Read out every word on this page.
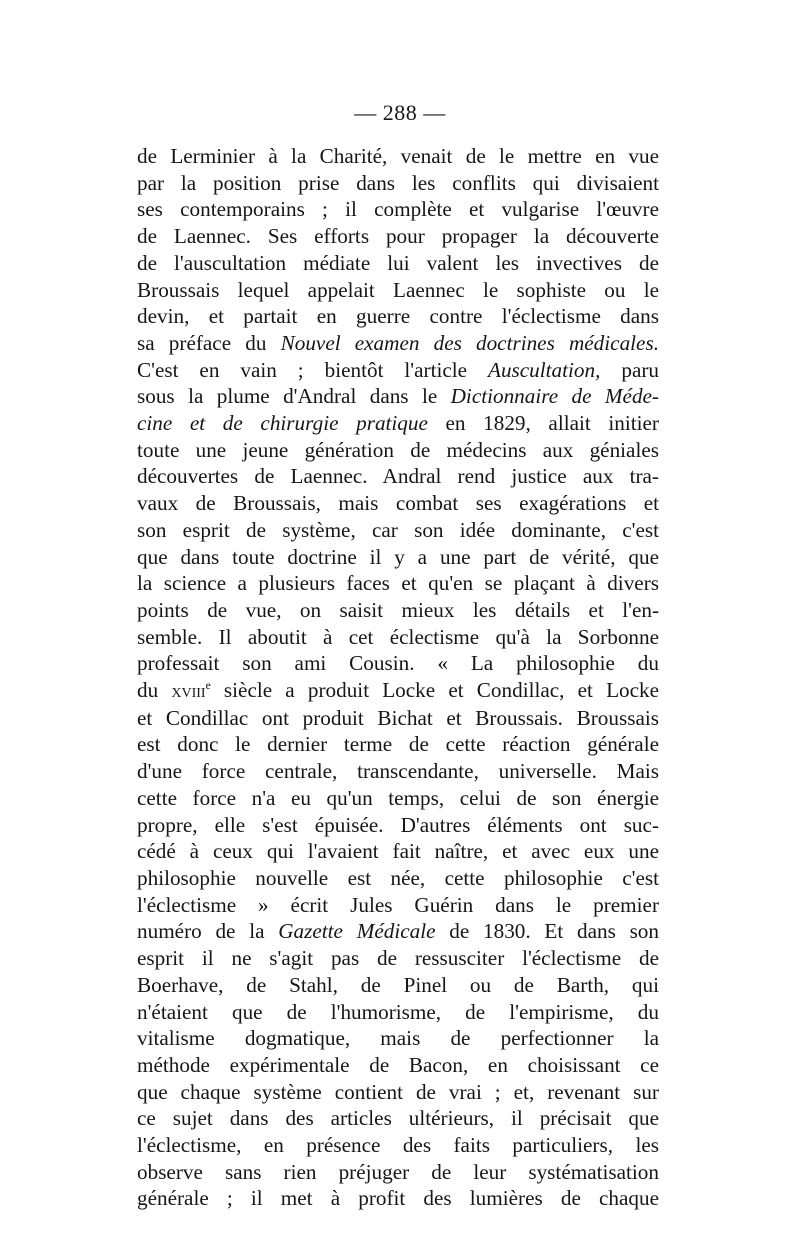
— 288 —
de Lerminier à la Charité, venait de le mettre en vue
par la position prise dans les conflits qui divisaient
ses contemporains ; il complète et vulgarise l'œuvre
de Laennec. Ses efforts pour propager la découverte
de l'auscultation médiate lui valent les invectives de
Broussais lequel appelait Laennec le sophiste ou le
devin, et partait en guerre contre l'éclectisme dans
sa préface du Nouvel examen des doctrines médicales.
C'est en vain ; bientôt l'article Auscultation, paru
sous la plume d'Andral dans le Dictionnaire de Méde-
cine et de chirurgie pratique en 1829, allait initier
toute une jeune génération de médecins aux géniales
découvertes de Laennec. Andral rend justice aux tra-
vaux de Broussais, mais combat ses exagérations et
son esprit de système, car son idée dominante, c'est
que dans toute doctrine il y a une part de vérité, que
la science a plusieurs faces et qu'en se plaçant à divers
points de vue, on saisit mieux les détails et l'en-
semble. Il aboutit à cet éclectisme qu'à la Sorbonne
professait son ami Cousin. « La philosophie du
du xviii$^e$ siècle a produit Locke et Condillac, et Locke
et Condillac ont produit Bichat et Broussais. Broussais
est donc le dernier terme de cette réaction générale
d'une force centrale, transcendante, universelle. Mais
cette force n'a eu qu'un temps, celui de son énergie
propre, elle s'est épuisée. D'autres éléments ont suc-
cédé à ceux qui l'avaient fait naître, et avec eux une
philosophie nouvelle est née, cette philosophie c'est
l'éclectisme » écrit Jules Guérin dans le premier
numéro de la Gazette Médicale de 1830. Et dans son
esprit il ne s'agit pas de ressusciter l'éclectisme de
Boerhave, de Stahl, de Pinel ou de Barth, qui
n'étaient que de l'humorisme, de l'empirisme, du
vitalisme dogmatique, mais de perfectionner la
méthode expérimentale de Bacon, en choisissant ce
que chaque système contient de vrai ; et, revenant sur
ce sujet dans des articles ultérieurs, il précisait que
l'éclectisme, en présence des faits particuliers, les
observe sans rien préjuger de leur systématisation
générale ; il met à profit des lumières de chaque
